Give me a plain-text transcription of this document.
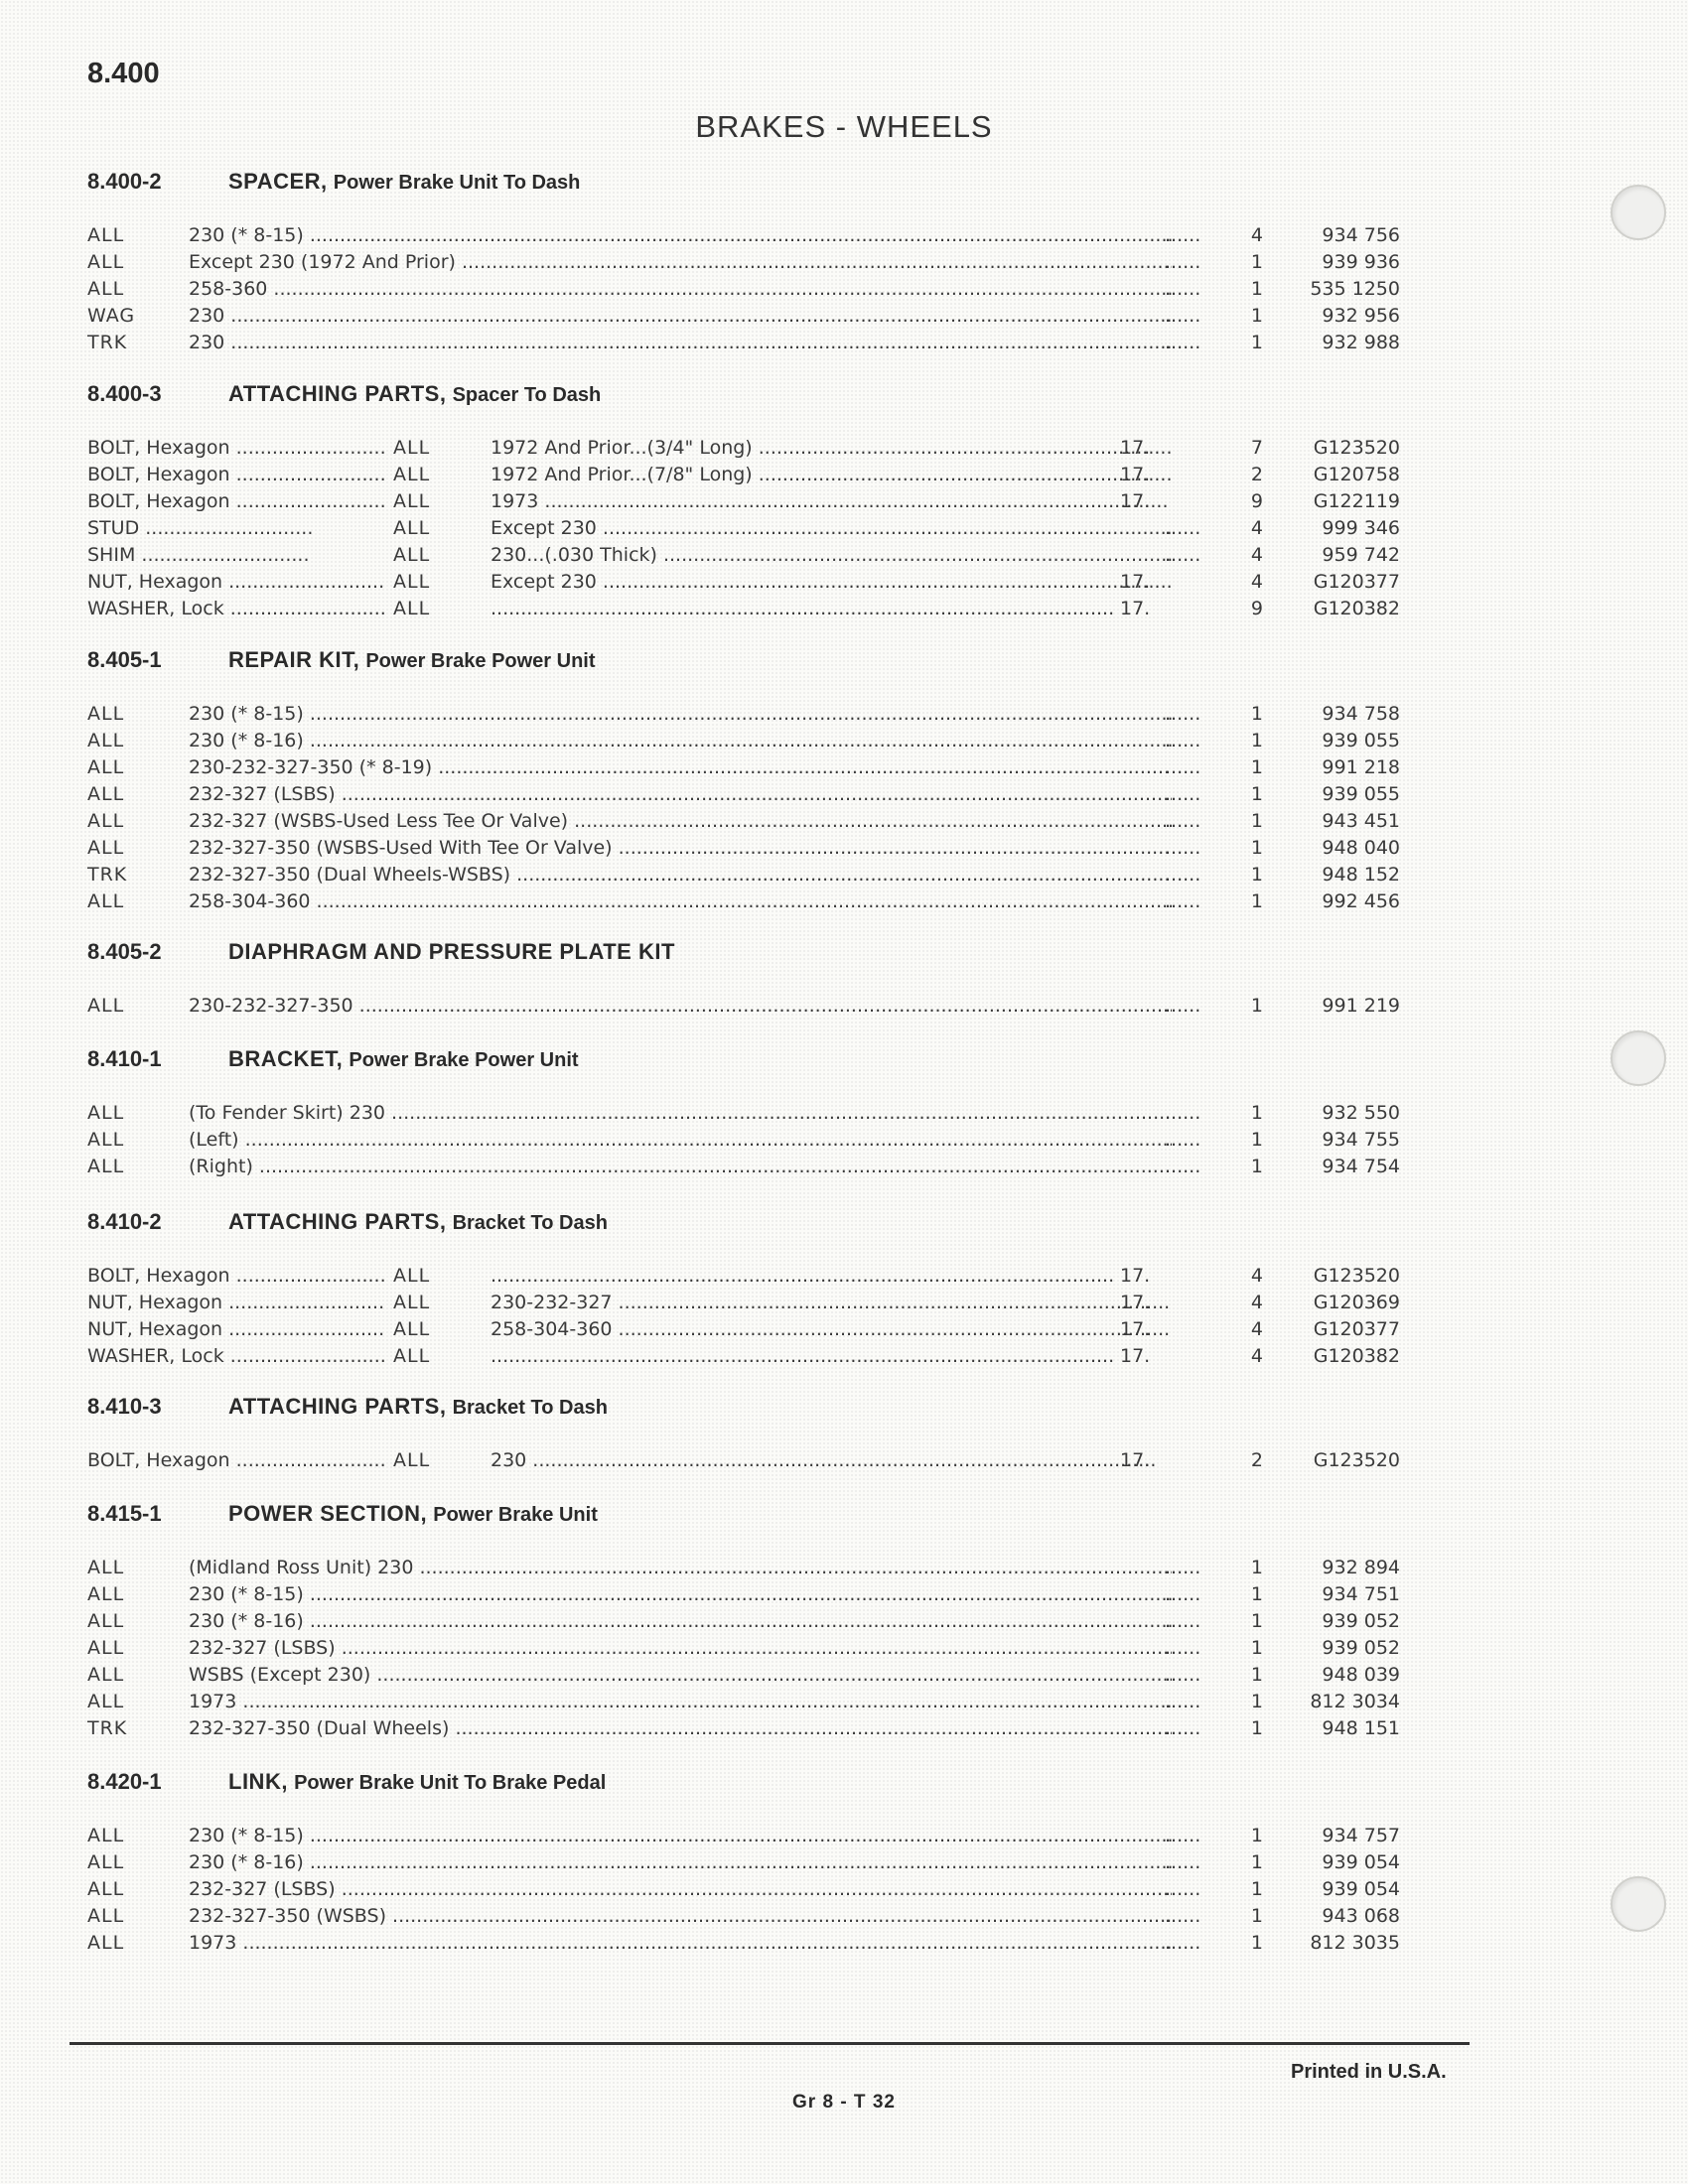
8.400
BRAKES - WHEELS
8.400-2	SPACER, Power Brake Unit To Dash
ALL	230 (* 8-15) .....	......	4	934 756
ALL	Except 230 (1972 And Prior) .....	......	1	939 936
ALL	258-360 .....	......	1	535 1250
WAG	230 .....	......	1	932 956
TRK	230 .....	......	1	932 988
8.400-3	ATTACHING PARTS, Spacer To Dash
BOLT, Hexagon .....	ALL	1972 And Prior...(3/4" Long) .....	17.	7	G123520
BOLT, Hexagon .....	ALL	1972 And Prior...(7/8" Long) .....	17.	2	G120758
BOLT, Hexagon .....	ALL	1973 .....	17.	9	G122119
STUD .....	ALL	Except 230 .....	......	4	999 346
SHIM .....	ALL	230...(.030 Thick) .....	......	4	959 742
NUT, Hexagon .....	ALL	Except 230 .....	17.	4	G120377
WASHER, Lock .....	ALL .....	17.	9	G120382
8.405-1	REPAIR KIT, Power Brake Power Unit
ALL	230 (* 8-15) .....	......	1	934 758
ALL	230 (* 8-16) .....	......	1	939 055
ALL	230-232-327-350 (* 8-19) .....	......	1	991 218
ALL	232-327 (LSBS) .....	......	1	939 055
ALL	232-327 (WSBS-Used Less Tee Or Valve) .....	......	1	943 451
ALL	232-327-350 (WSBS-Used With Tee Or Valve) .....	......	1	948 040
TRK	232-327-350 (Dual Wheels-WSBS) .....	......	1	948 152
ALL	258-304-360 .....	......	1	992 456
8.405-2	DIAPHRAGM AND PRESSURE PLATE KIT
ALL	230-232-327-350 .....	......	1	991 219
8.410-1	BRACKET, Power Brake Power Unit
ALL	(To Fender Skirt) 230 .....	......	1	932 550
ALL	(Left) .....	......	1	934 755
ALL	(Right) .....	......	1	934 754
8.410-2	ATTACHING PARTS, Bracket To Dash
BOLT, Hexagon .....	ALL .....	17.	4	G123520
NUT, Hexagon .....	ALL	230-232-327 .....	17.	4	G120369
NUT, Hexagon .....	ALL	258-304-360 .....	17.	4	G120377
WASHER, Lock .....	ALL .....	17.	4	G120382
8.410-3	ATTACHING PARTS, Bracket To Dash
BOLT, Hexagon .....	ALL	230 .....	17.	2	G123520
8.415-1	POWER SECTION, Power Brake Unit
ALL	(Midland Ross Unit) 230 .....	......	1	932 894
ALL	230 (* 8-15) .....	......	1	934 751
ALL	230 (* 8-16) .....	......	1	939 052
ALL	232-327 (LSBS) .....	......	1	939 052
ALL	WSBS (Except 230) .....	......	1	948 039
ALL	1973 .....	......	1	812 3034
TRK	232-327-350 (Dual Wheels) .....	......	1	948 151
8.420-1	LINK, Power Brake Unit To Brake Pedal
ALL	230 (* 8-15) .....	......	1	934 757
ALL	230 (* 8-16) .....	......	1	939 054
ALL	232-327 (LSBS) .....	......	1	939 054
ALL	232-327-350 (WSBS) .....	......	1	943 068
ALL	1973 .....	......	1	812 3035
Printed in U.S.A.
Gr 8 - T 32
